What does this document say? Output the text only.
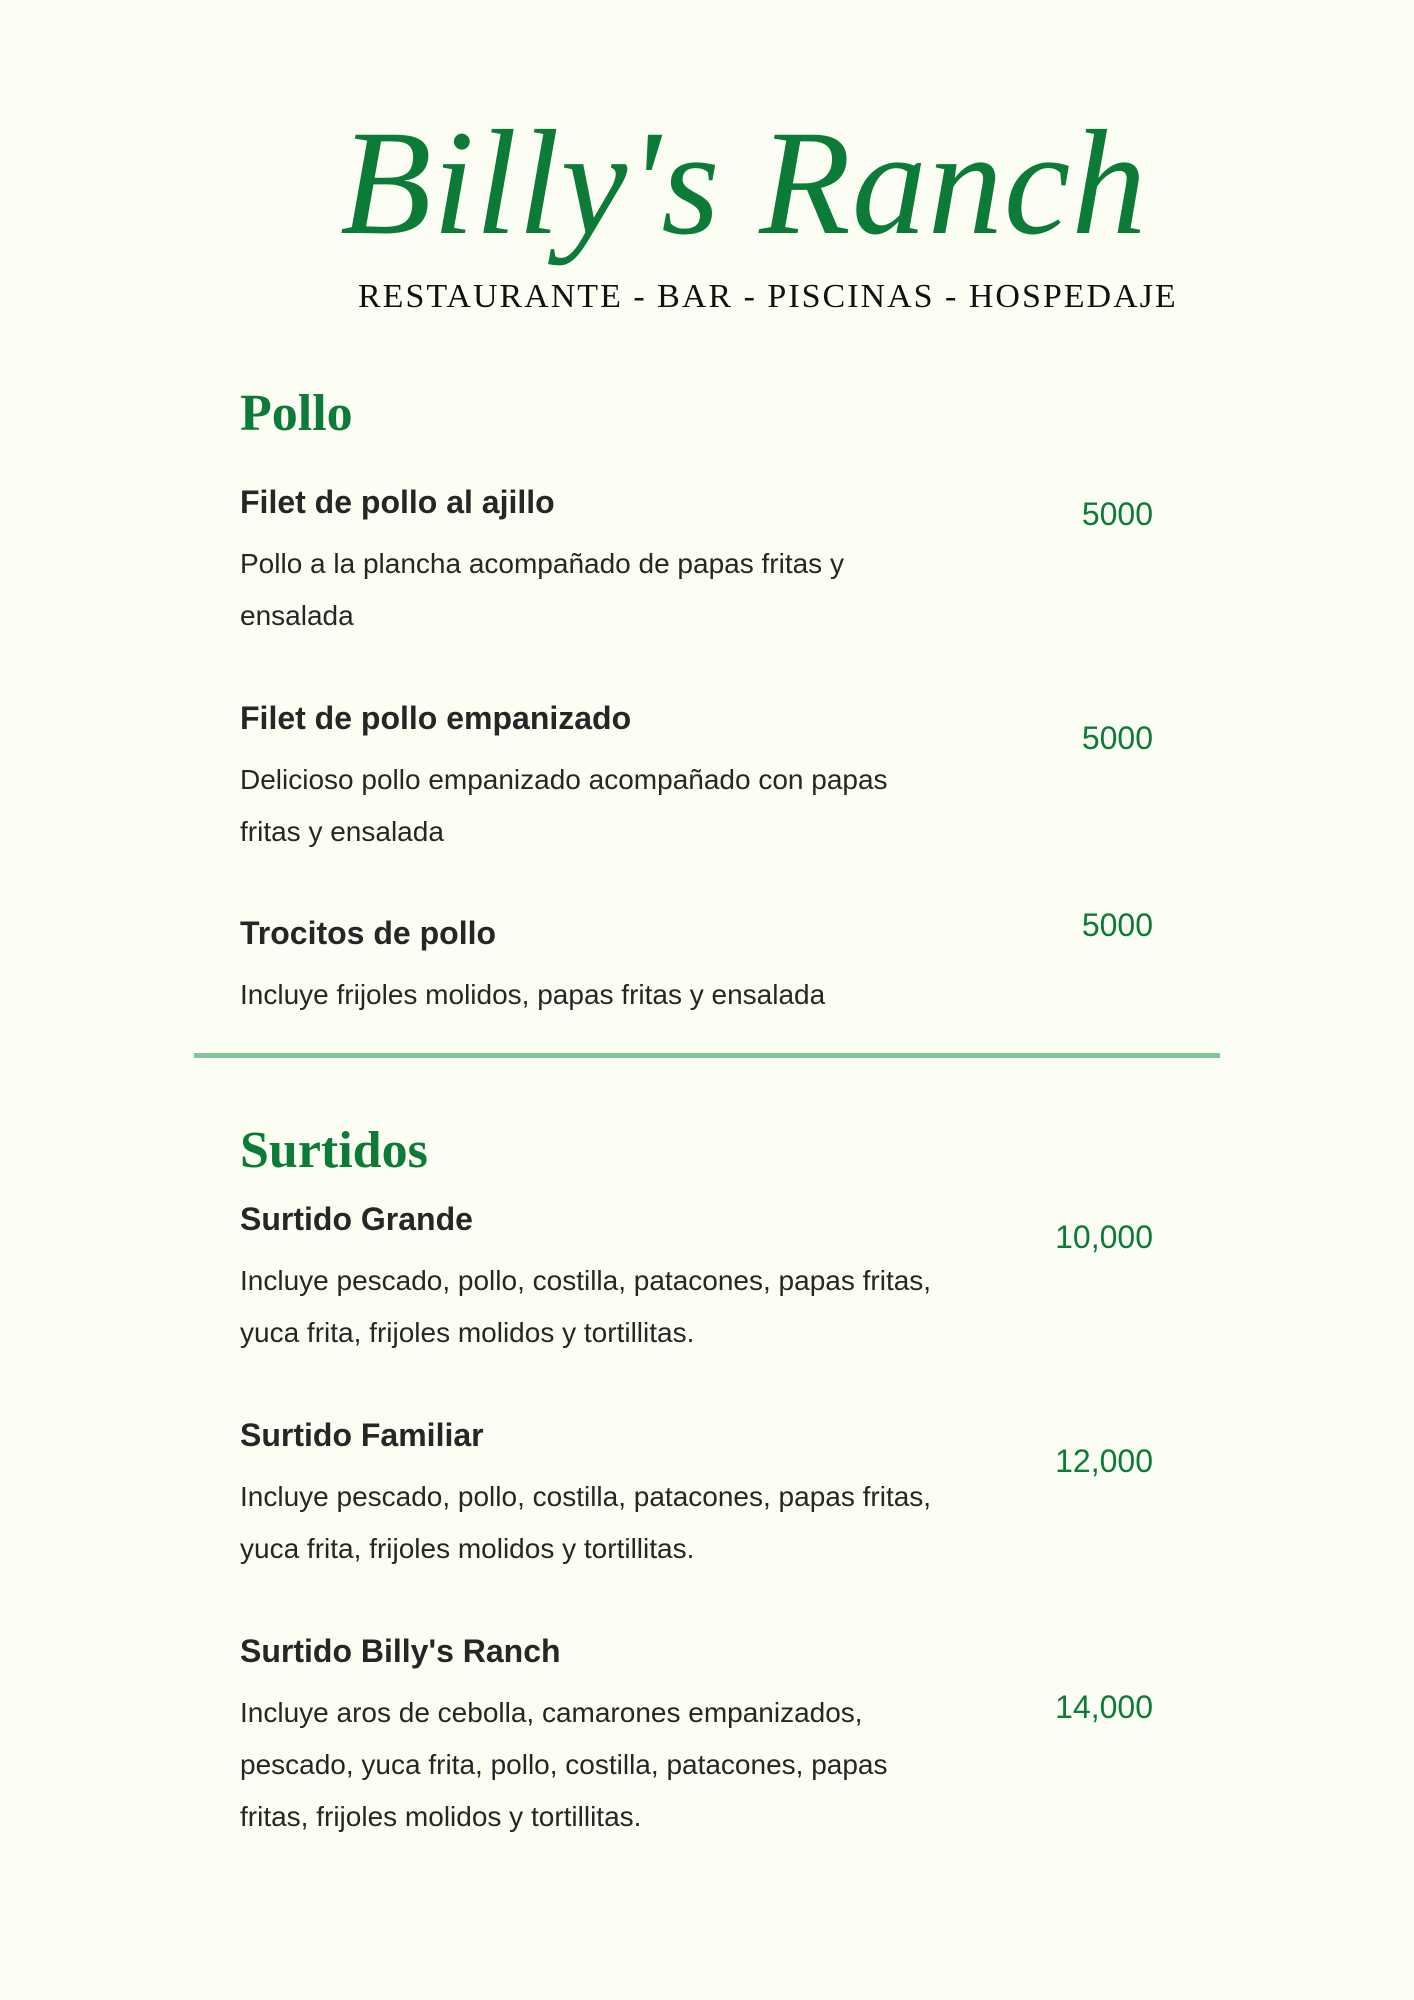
Billy's Ranch
RESTAURANTE - BAR - PISCINAS - HOSPEDAJE
Pollo
Filet de pollo al ajillo
Pollo a la plancha acompañado de papas fritas y ensalada
5000
Filet de pollo empanizado
Delicioso pollo empanizado acompañado con papas fritas y ensalada
5000
Trocitos de pollo
Incluye frijoles molidos, papas fritas y ensalada
5000
Surtidos
Surtido Grande
Incluye pescado, pollo, costilla, patacones, papas fritas, yuca frita, frijoles molidos y tortillitas.
10,000
Surtido Familiar
Incluye pescado, pollo, costilla, patacones, papas fritas, yuca frita, frijoles molidos y tortillitas.
12,000
Surtido Billy's Ranch
Incluye aros de cebolla, camarones empanizados, pescado, yuca frita, pollo, costilla, patacones, papas fritas, frijoles molidos y tortillitas.
14,000
